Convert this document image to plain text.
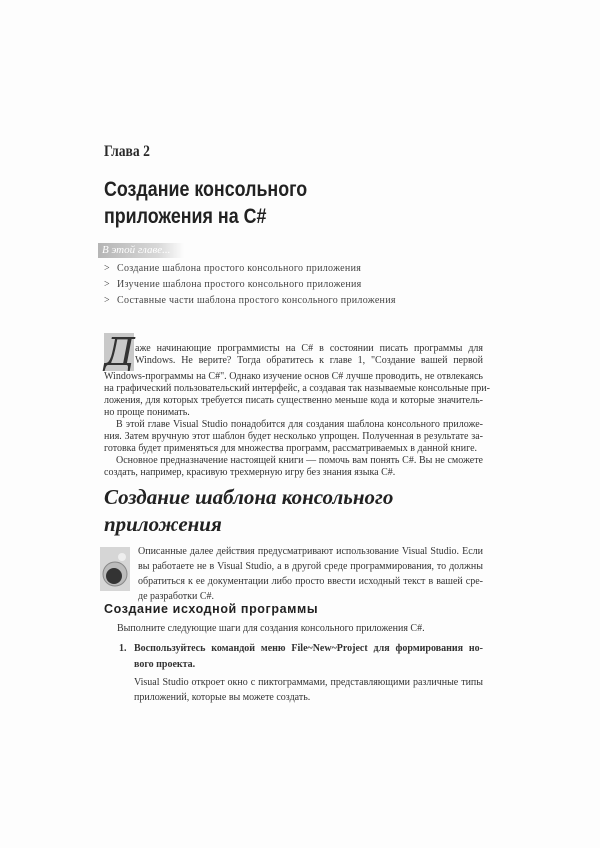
Глава 2
Создание консольного
приложения на C#
В этой главе...
> Создание шаблона простого консольного приложения
> Изучение шаблона простого консольного приложения
> Составные части шаблона простого консольного приложения
Д аже начинающие программисты на C# в состоянии писать программы для
Windows. Не верите? Тогда обратитесь к главе 1, "Создание вашей первой
Windows-программы на C#". Однако изучение основ C# лучше проводить, не отвлекаясь
на графический пользовательский интерфейс, а создавая так называемые консольные при-
ложения, для которых требуется писать существенно меньше кода и которые значитель-
но проще понимать.
В этой главе Visual Studio понадобится для создания шаблона консольного приложе-
ния. Затем вручную этот шаблон будет несколько упрощен. Полученная в результате за-
готовка будет применяться для множества программ, рассматриваемых в данной книге.
Основное предназначение настоящей книги — помочь вам понять C#. Вы не сможете
создать, например, красивую трехмерную игру без знания языка C#.
Создание шаблона консольного
приложения
Описанные далее действия предусматривают использование Visual Studio. Если
вы работаете не в Visual Studio, а в другой среде программирования, то должны
обратиться к ее документации либо просто ввести исходный текст в вашей сре-
де разработки C#.
Создание исходной программы
Выполните следующие шаги для создания консольного приложения C#.
1. Воспользуйтесь командой меню File~New~Project для формирования но-
вого проекта.
Visual Studio откроет окно с пиктограммами, представляющими различные типы
приложений, которые вы можете создать.
